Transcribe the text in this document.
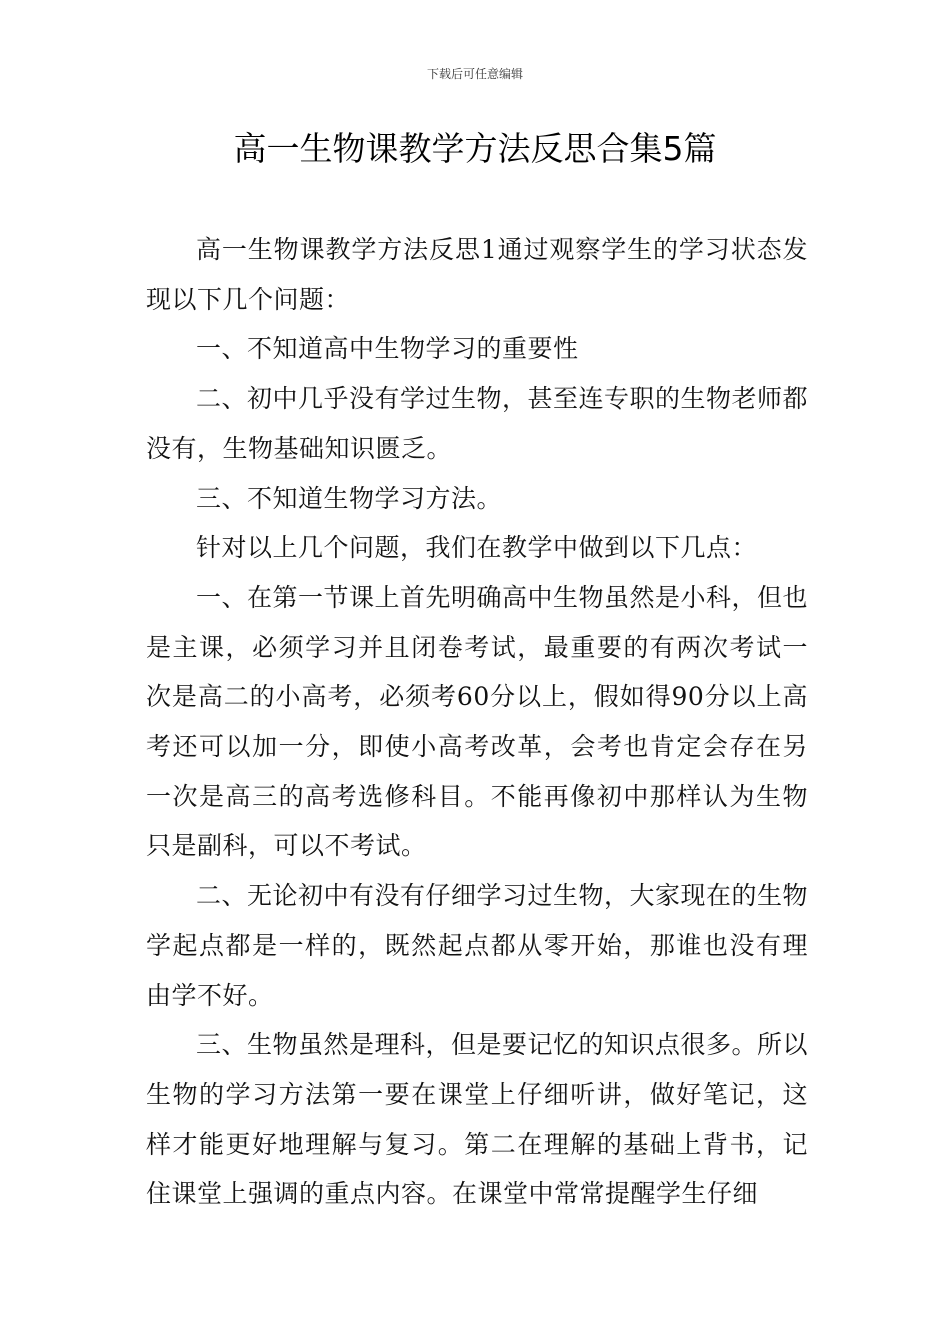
下载后可任意编辑
高一生物课教学方法反思合集5篇

高一生物课教学方法反思1通过观察学生的学习状态发现以下几个问题：

一、不知道高中生物学习的重要性

二、初中几乎没有学过生物，甚至连专职的生物老师都没有，生物基础知识匮乏。

三、不知道生物学习方法。

针对以上几个问题，我们在教学中做到以下几点：

一、在第一节课上首先明确高中生物虽然是小科，但也是主课，必须学习并且闭卷考试，最重要的有两次考试一次是高二的小高考，必须考60分以上，假如得90分以上高考还可以加一分，即使小高考改革，会考也肯定会存在另一次是高三的高考选修科目。不能再像初中那样认为生物只是副科，可以不考试。

二、无论初中有没有仔细学习过生物，大家现在的生物学起点都是一样的，既然起点都从零开始，那谁也没有理由学不好。

三、生物虽然是理科，但是要记忆的知识点很多。所以生物的学习方法第一要在课堂上仔细听讲，做好笔记，这样才能更好地理解与复习。第二在理解的基础上背书，记住课堂上强调的重点内容。在课堂中常常提醒学生仔细
